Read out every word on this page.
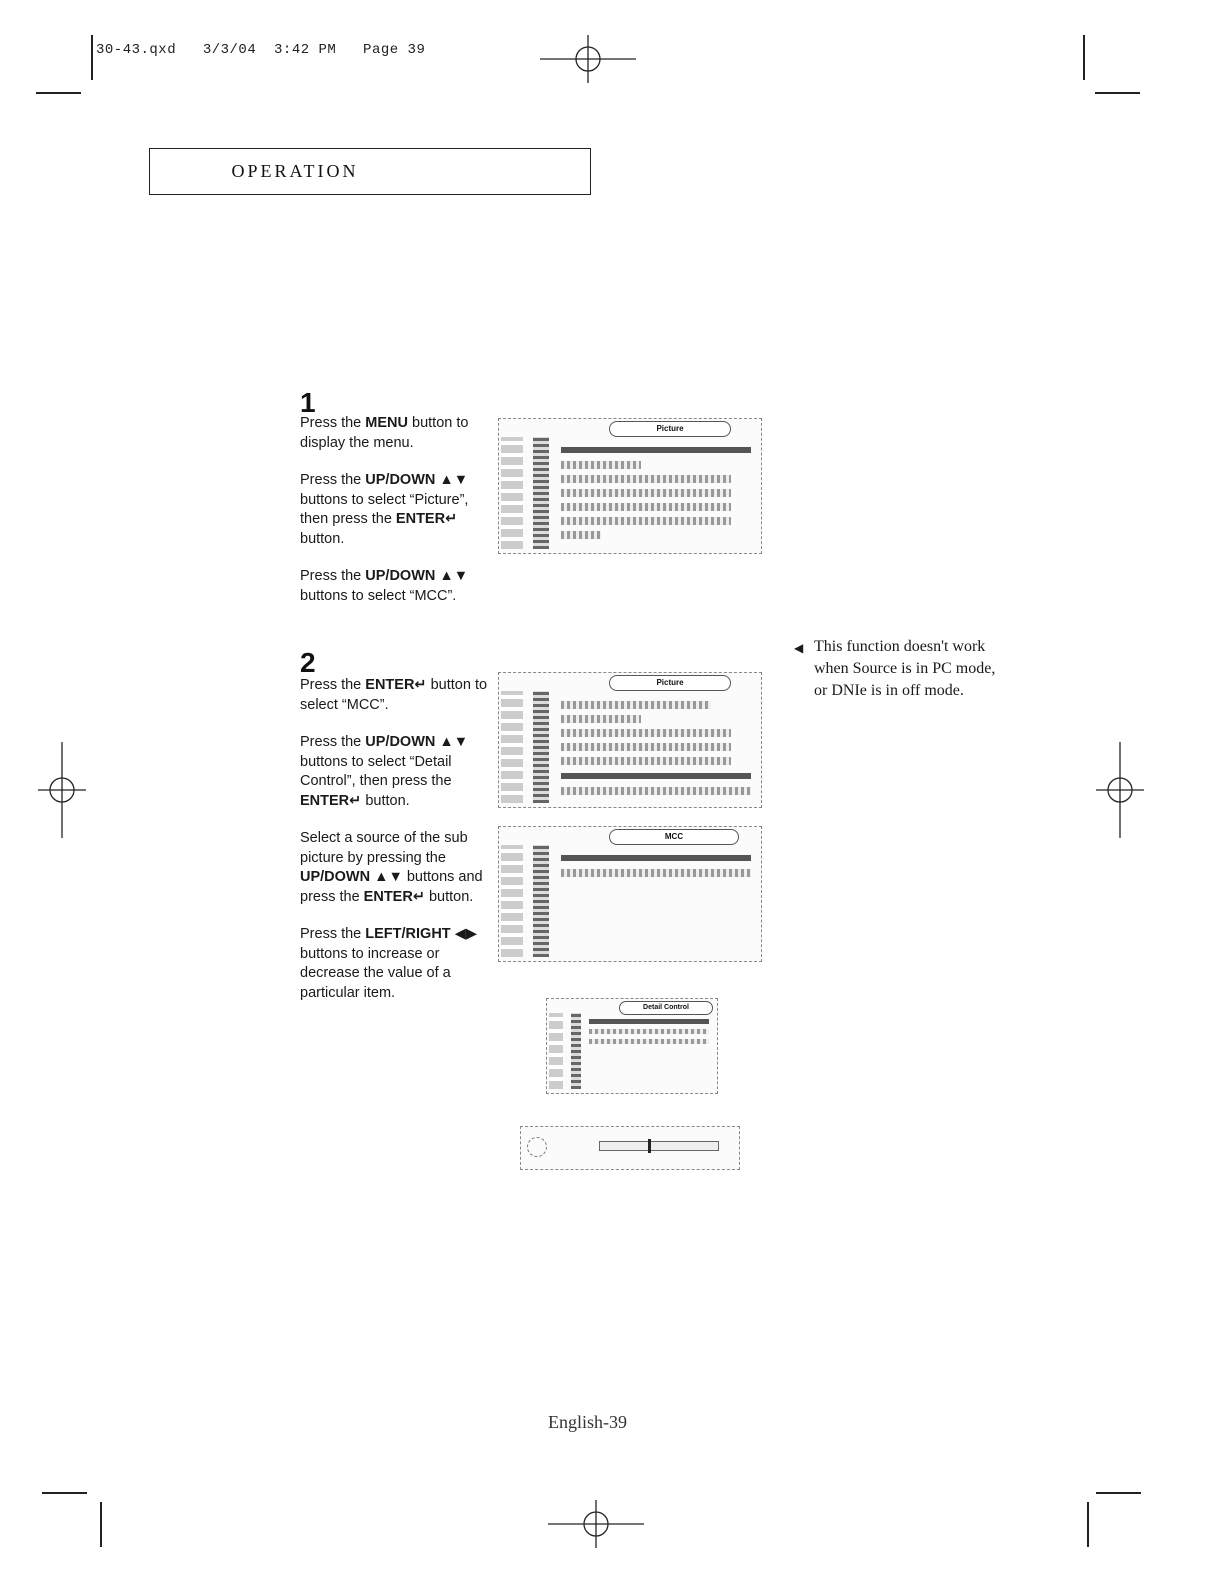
30-43.qxd   3/3/04  3:42 PM   Page 39
OPERATION
1

Press the MENU button to display the menu.

Press the UP/DOWN ▲▼ buttons to select “Picture”, then press the ENTER↵ button.

Press the UP/DOWN ▲▼ buttons to select “MCC”.

Picture
2

Press the ENTER↵ button to select “MCC”.

Press the UP/DOWN ▲▼ buttons to select “Detail Control”, then press the ENTER↵ button.

Select a source of the sub picture by pressing the UP/DOWN ▲▼ buttons and press the ENTER↵ button.

Press the LEFT/RIGHT ◀▶ buttons to increase or decrease the value of a particular item.

Picture
MCC
Detail Control
◀ This function doesn't work when Source is in PC mode, or DNIe is in off mode.
English-39
